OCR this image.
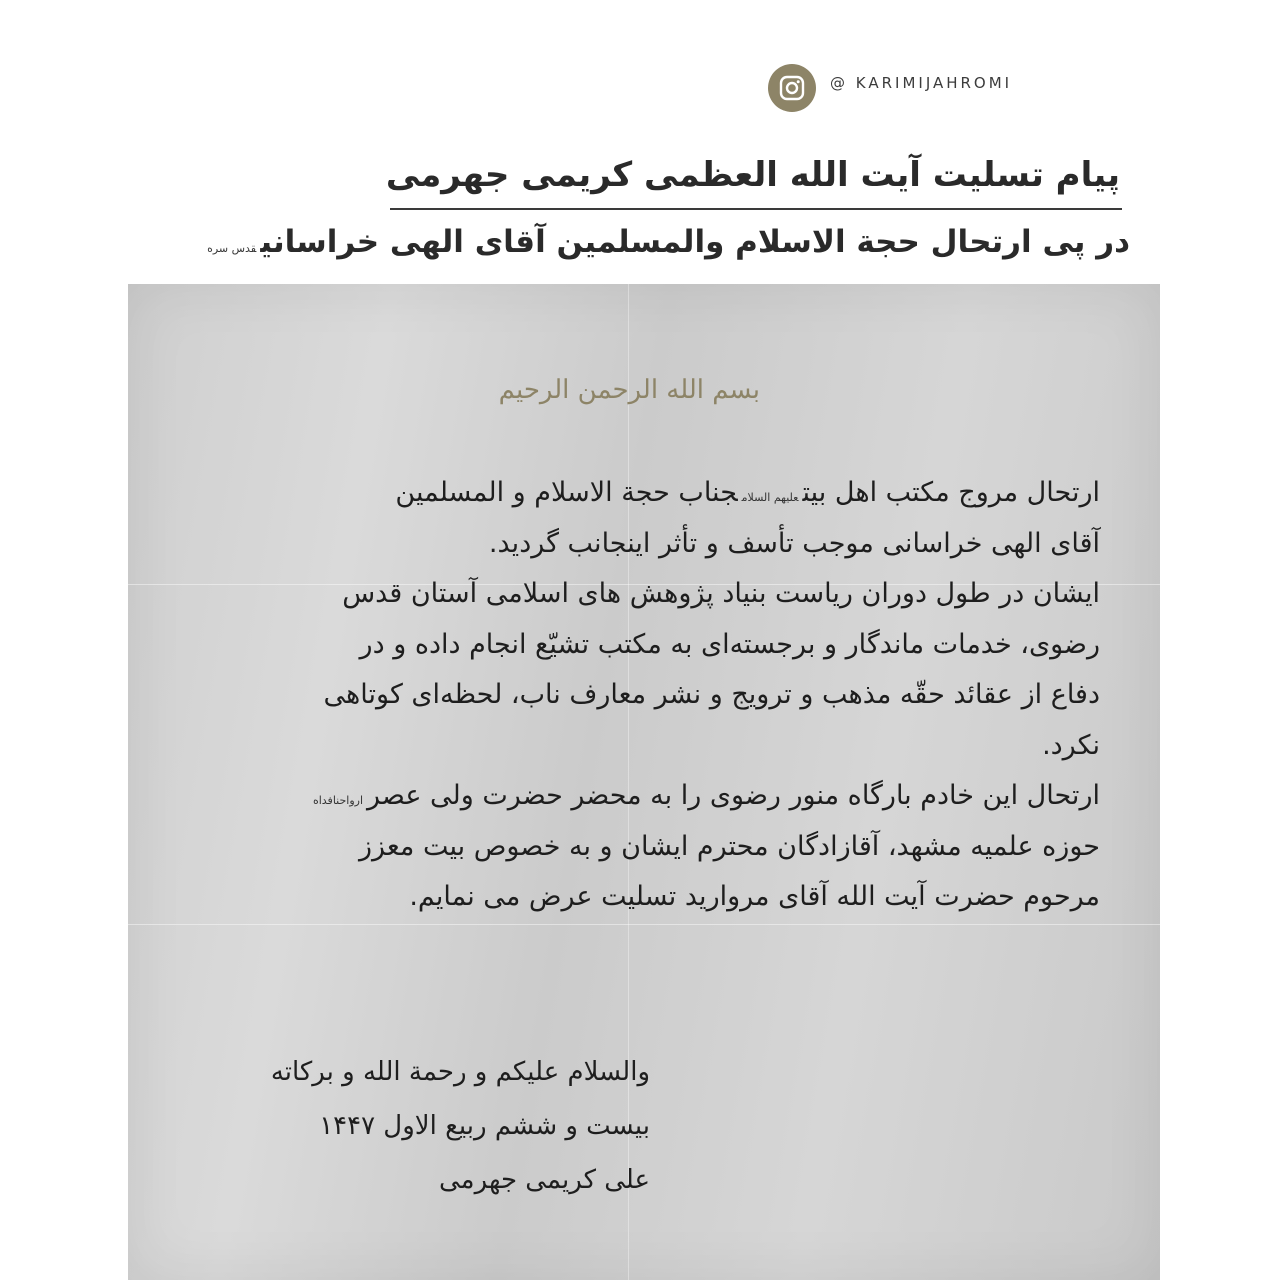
@ KARIMIJAHROMI
پیام تسلیت آیت الله العظمی کریمی جهرمی
در پی ارتحال حجة الاسلام والمسلمین آقای الهی خراسانیقدس سره
بسم الله الرحمن الرحیم
ارتحال مروج مکتب اهل بیتعلیهم السلامجناب حجة الاسلام و المسلمین
آقای الهی خراسانی موجب تأسف و تأثر اینجانب گردید.
ایشان در طول دوران ریاست بنیاد پژوهش های اسلامی آستان قدس
رضوی، خدمات ماندگار و برجسته‌ای به مکتب تشیّع انجام داده و در
دفاع از عقائد حقّه مذهب و ترویج و نشر معارف ناب، لحظه‌ای کوتاهی
نکرد.
ارتحال این خادم بارگاه منور رضوی را به محضر حضرت ولی عصرارواحنافداه
حوزه علمیه مشهد، آقازادگان محترم ایشان و به خصوص بیت معزز
مرحوم حضرت آیت الله آقای مروارید تسلیت عرض می نمایم.
والسلام علیکم و رحمة الله و برکاته
بیست و ششم ربیع الاول ۱۴۴۷
علی کریمی جهرمی
